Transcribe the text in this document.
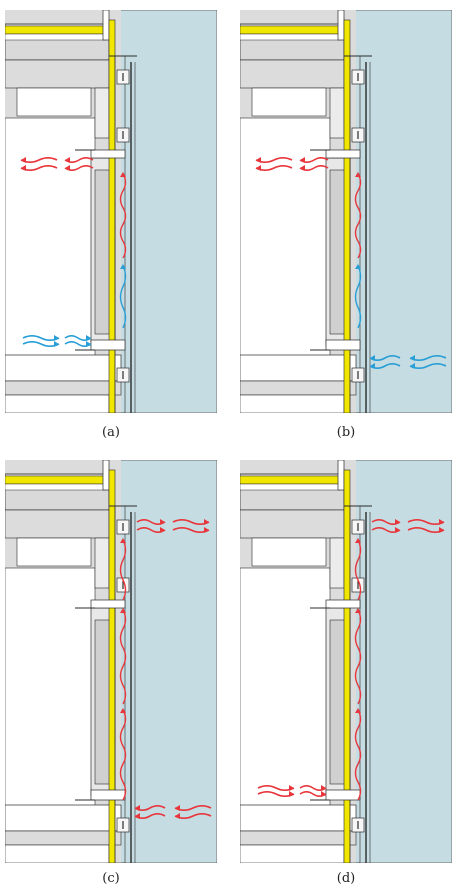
(a)	(b)
(c)	(d)
